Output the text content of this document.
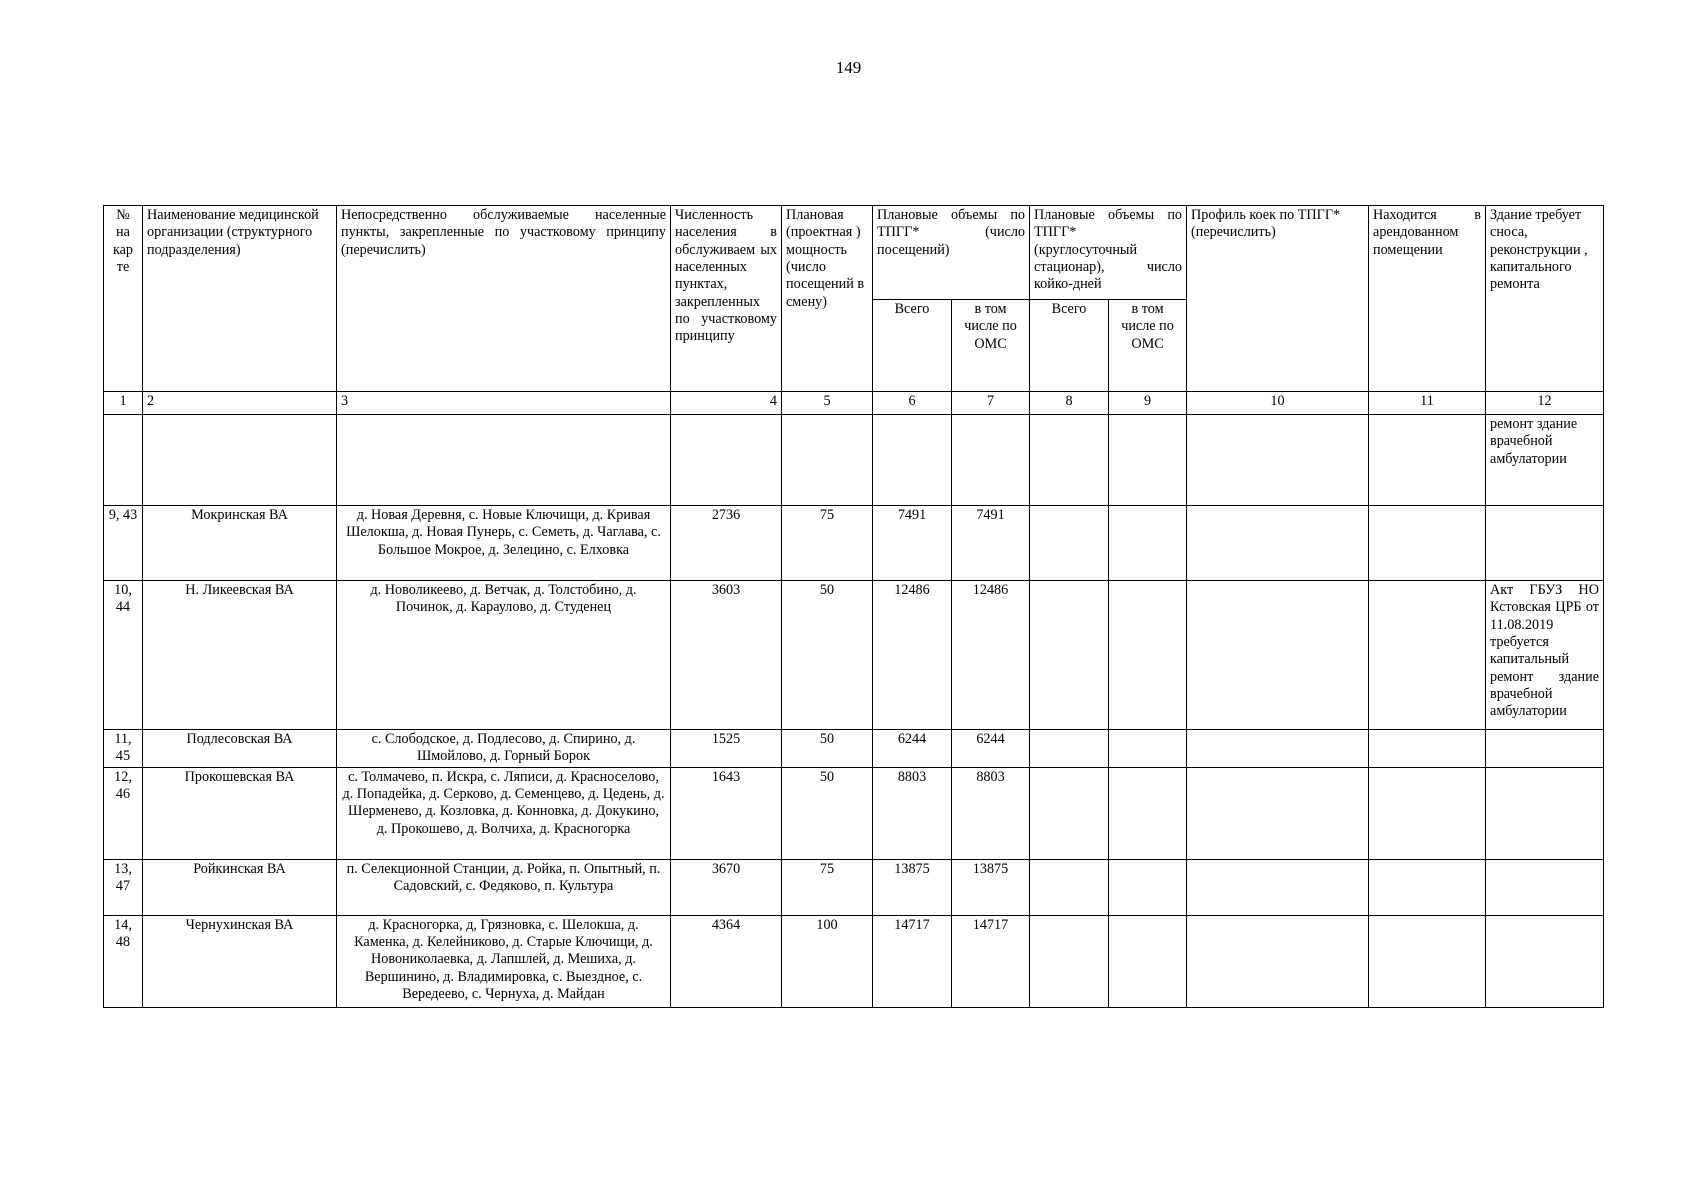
149
№ на кар те	Наименование медицинской организации (структурного подразделения)	Непосредственно обслуживаемые населенные пункты, закрепленные по участковому принципу (перечислить)	Численность населения в обслуживаем ых населенных пунктах, закрепленных по участковому принципу	Плановая (проектная ) мощность (число посещений в смену)	Плановые объемы по ТПГГ* (число посещений)		Плановые объемы по ТПГГ* (круглосуточный стационар), число койко-дней		Профиль коек по ТПГГ* (перечислить)	Находится в арендованном помещении	Здание требует сноса, реконструкции , капитального ремонта
					Всего	в том числе по ОМС	Всего	в том числе по ОМС			
1	2	3	4	5	6	7	8	9	10	11	12
											ремонт здание врачебной амбулатории
9, 43	Мокринская ВА	д. Новая Деревня, с. Новые Ключищи, д. Кривая Шелокша, д. Новая Пунерь, с. Семеть, д. Чаглава, с. Большое Мокрое, д. Зелецино, с. Елховка	2736	75	7491	7491					
10, 44	Н. Ликеевская ВА	д. Новоликеево, д. Ветчак, д. Толстобино, д. Починок, д. Караулово, д. Студенец	3603	50	12486	12486					Акт ГБУЗ НО Кстовская ЦРБ от 11.08.2019 требуется капитальный ремонт здание врачебной амбулатории
11, 45	Подлесовская ВА	с. Слободское, д. Подлесово, д. Спирино, д. Шмойлово, д. Горный Борок	1525	50	6244	6244					
12, 46	Прокошевская ВА	с. Толмачево, п. Искра, с. Ляписи, д. Красноселово, д. Попадейка, д. Серково, д. Семенцево, д. Цедень, д. Шерменево, д. Козловка, д. Конновка, д. Докукино, д. Прокошево, д. Волчиха, д. Красногорка	1643	50	8803	8803					
13, 47	Ройкинская ВА	п. Селекционной Станции, д. Ройка, п. Опытный, п. Садовский, с. Федяково, п. Культура	3670	75	13875	13875					
14, 48	Чернухинская ВА	д. Красногорка, д, Грязновка, с. Шелокша, д. Каменка, д. Келейниково, д. Старые Ключищи, д. Новониколаевка, д. Лапшлей, д. Мешиха, д. Вершинино, д. Владимировка, с. Выездное, с. Вередеево, с. Чернуха, д. Майдан	4364	100	14717	14717					
